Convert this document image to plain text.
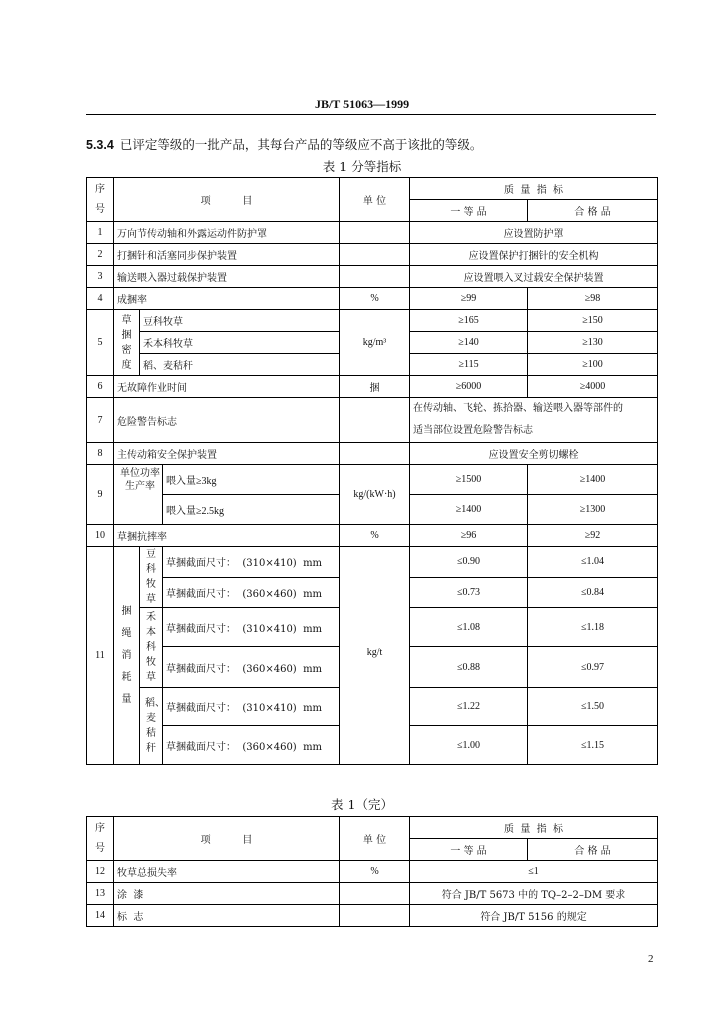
JB/T 51063—1999
5.3.4 已评定等级的一批产品，其每台产品的等级应不高于该批的等级。
表 1 分等指标
序
号	项          目			单 位	质  量  指  标	
					一 等 品	合 格 品
1	万向节传动轴和外露运动件防护罩				应设置防护罩	
2	打捆针和活塞同步保护装置				应设置保护打捆针的安全机构	
3	输送喂入器过载保护装置				应设置喂入叉过载安全保护装置	
4	成捆率			%	≥99	≥98
5	草捆密度	豆科牧草		kg/m³	≥165	≥150
		禾本科牧草			≥140	≥130
		稻、麦秸秆			≥115	≥100
6	无故障作业时间			捆	≥6000	≥4000
7	危险警告标志				在传动轴、飞轮、拣拾器、输送喂入器等部件的
适当部位设置危险警告标志	

8	主传动箱安全保护装置				应设置安全剪切螺栓	
9	单位功率生产率		喂入量≥3kg	kg/(kW·h)	≥1500	≥1400
			喂入量≥2.5kg		≥1400	≥1300
10	草捆抗摔率			%	≥96	≥92
11	捆绳消耗量	豆科牧草	草捆截面尺寸：  (310×410)  mm	kg/t	≤0.90	≤1.04
			草捆截面尺寸：  (360×460)  mm		≤0.73	≤0.84

		禾本科牧草	草捆截面尺寸：  (310×410)  mm		≤1.08	≤1.18
			草捆截面尺寸：  (360×460)  mm		≤0.88	≤0.97

		稻、麦秸秆	草捆截面尺寸：  (310×410)  mm		≤1.22	≤1.50
			草捆截面尺寸：  (360×460)  mm		≤1.00	≤1.15
表 1（完）
序
号	项          目	单 位	质  量  指  标	
			一 等 品	合 格 品
12	牧草总损失率	%	≤1	
13	涂  漆		符合 JB/T 5673 中的 TQ–2–2–DM 要求	
14	标  志		符合 JB/T 5156 的规定	
2
